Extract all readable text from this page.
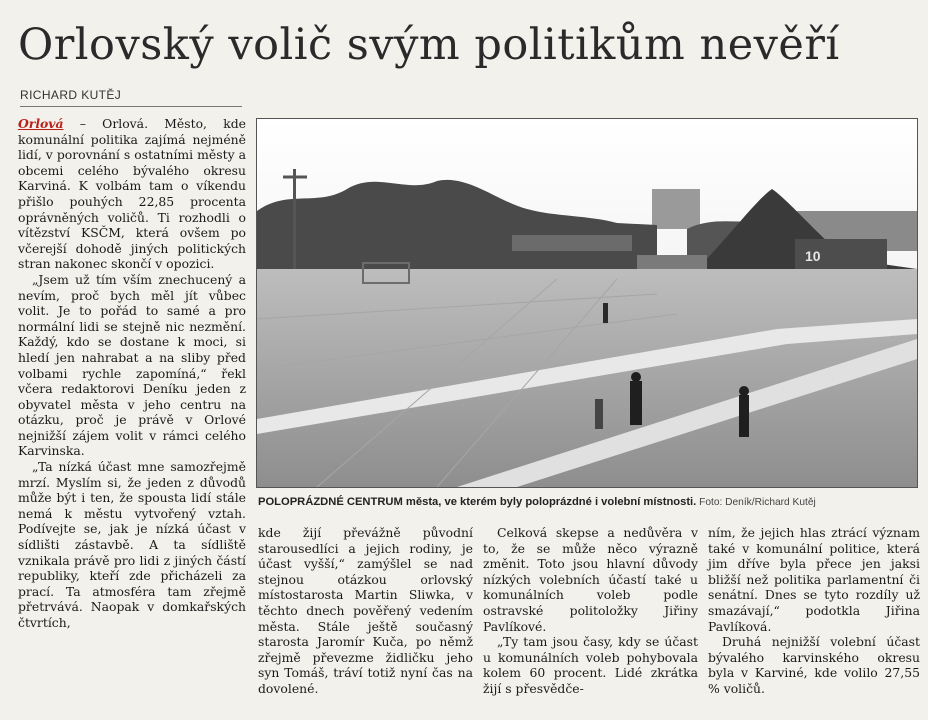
Orlovský volič svým politikům nevěří
RICHARD KUTĚJ

Orlová – Orlová. Město, kde komunální politika zajímá nejméně lidí, v porovnání s ostatními městy a obcemi celého bývalého okresu Karviná. K volbám tam o víkendu přišlo pouhých 22,85 procenta oprávněných voličů. Ti rozhodli o vítězství KSČM, která ovšem po včerejší dohodě jiných politických stran nakonec skončí v opozici.

„Jsem už tím vším znechucený a nevím, proč bych měl jít vůbec volit. Je to pořád to samé a pro normální lidi se stejně nic nezmění. Každý, kdo se dostane k moci, si hledí jen nahrabat a na sliby před volbami rychle zapomíná,“ řekl včera redaktorovi Deníku jeden z obyvatel města v jeho centru na otázku, proč je právě v Orlové nejnižší zájem volit v rámci celého Karvinska.

„Ta nízká účast mne samozřejmě mrzí. Myslím si, že jeden z důvodů může být i ten, že spousta lidí stále nemá k městu vytvořený vztah. Podívejte se, jak je nízká účast v sídlišti zástavbě. A ta sídliště vznikala právě pro lidi z jiných částí republiky, kteří zde přicházeli za prací. Ta atmosféra tam zřejmě přetrvává. Naopak v domkařských čtvrtích,

10
POLOPRÁZDNÉ CENTRUM města, ve kterém byly poloprázdné i volební místnosti. Foto: Deník/Richard Kutěj

kde žijí převážně původní starousedlíci a jejich rodiny, je účast vyšší,“ zamýšlel se nad stejnou otázkou orlovský místostarosta Martin Sliwka, v těchto dnech pověřený vedením města. Stále ještě současný starosta Jaromír Kuča, po němž zřejmě převezme židličku jeho syn Tomáš, tráví totiž nyní čas na dovolené.

Celková skepse a nedůvěra v to, že se může něco výrazně změnit. Toto jsou hlavní důvody nízkých volebních účastí také u komunálních voleb podle ostravské politoložky Jiřiny Pavlíkové.

„Ty tam jsou časy, kdy se účast u komunálních voleb pohybovala kolem 60 procent. Lidé zkrátka žijí s přesvědče-

ním, že jejich hlas ztrácí význam také v komunální politice, která jim dříve byla přece jen jaksi bližší než politika parlamentní či senátní. Dnes se tyto rozdíly už smazávají,“ podotkla Jiřina Pavlíková.

Druhá nejnižší volební účast bývalého karvinského okresu byla v Karviné, kde volilo 27,55 % voličů.
